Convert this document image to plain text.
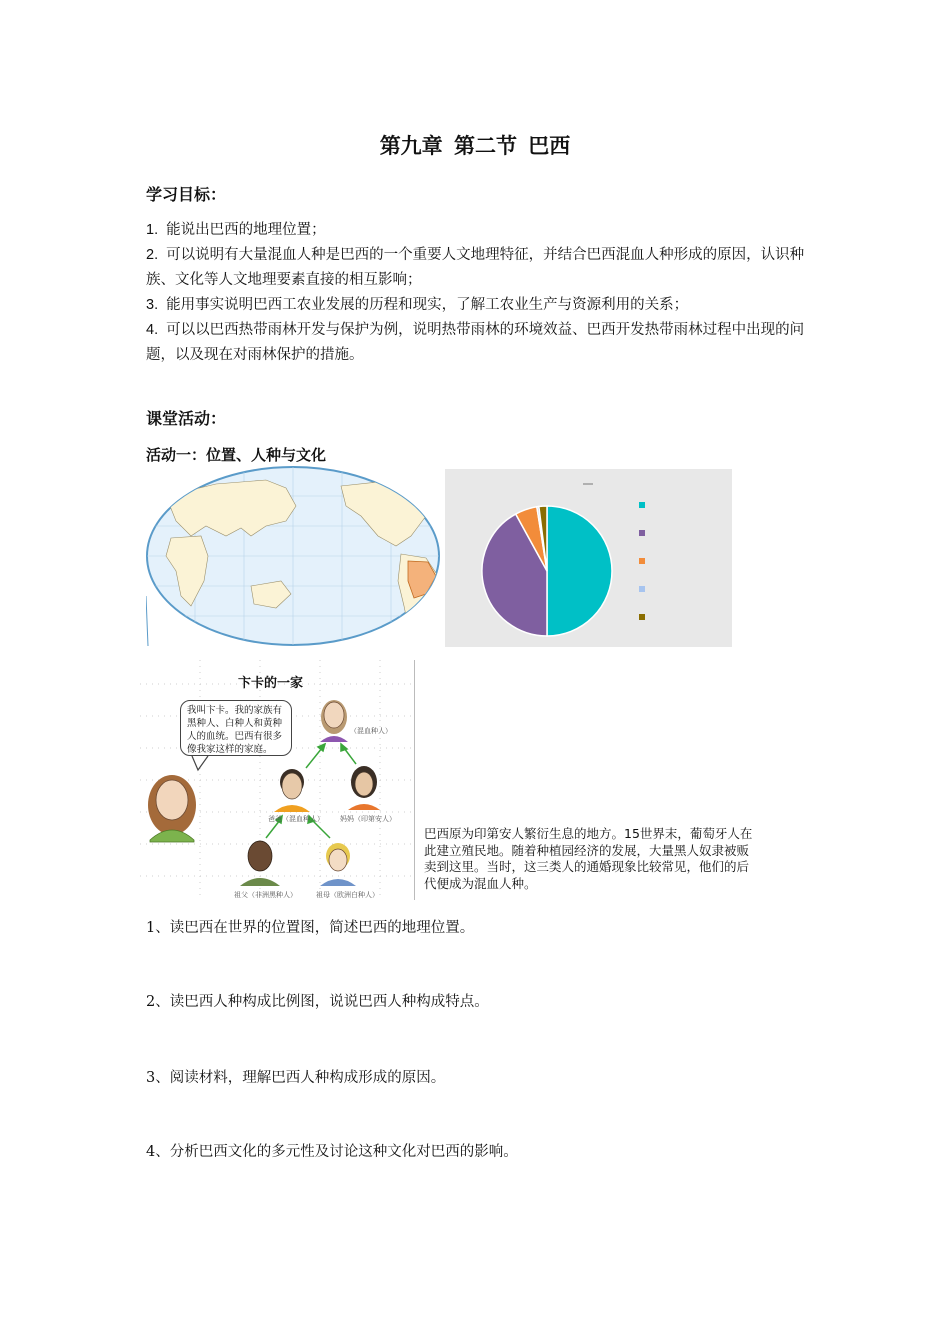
第九章 第二节 巴西
学习目标：

1. 能说出巴西的地理位置；

2. 可以说明有大量混血人种是巴西的一个重要人文地理特征，并结合巴西混血人种形成的原因，认识种族、文化等人文地理要素直接的相互影响；

3. 能用事实说明巴西工农业发展的历程和现实，了解工农业生产与资源利用的关系；

4. 可以以巴西热带雨林开发与保护为例，说明热带雨林的环境效益、巴西开发热带雨林过程中出现的问题，以及现在对雨林保护的措施。

课堂活动：
活动一：位置、人种与文化
卞卡的一家
我叫卞卡。我的家族有黑种人、白种人和黄种人的血统。巴西有很多像我家这样的家庭。
（混血种人）
爸爸（混血种人） 妈妈（印第安人）
祖父（非洲黑种人）	祖母（欧洲白种人）
巴西原为印第安人繁衍生息的地方。15世界末，葡萄牙人在此建立殖民地。随着种植园经济的发展，大量黑人奴隶被贩卖到这里。当时，这三类人的通婚现象比较常见，他们的后代便成为混血人种。
1、读巴西在世界的位置图，简述巴西的地理位置。
2、读巴西人种构成比例图，说说巴西人种构成特点。
3、阅读材料，理解巴西人种构成形成的原因。
4、分析巴西文化的多元性及讨论这种文化对巴西的影响。
